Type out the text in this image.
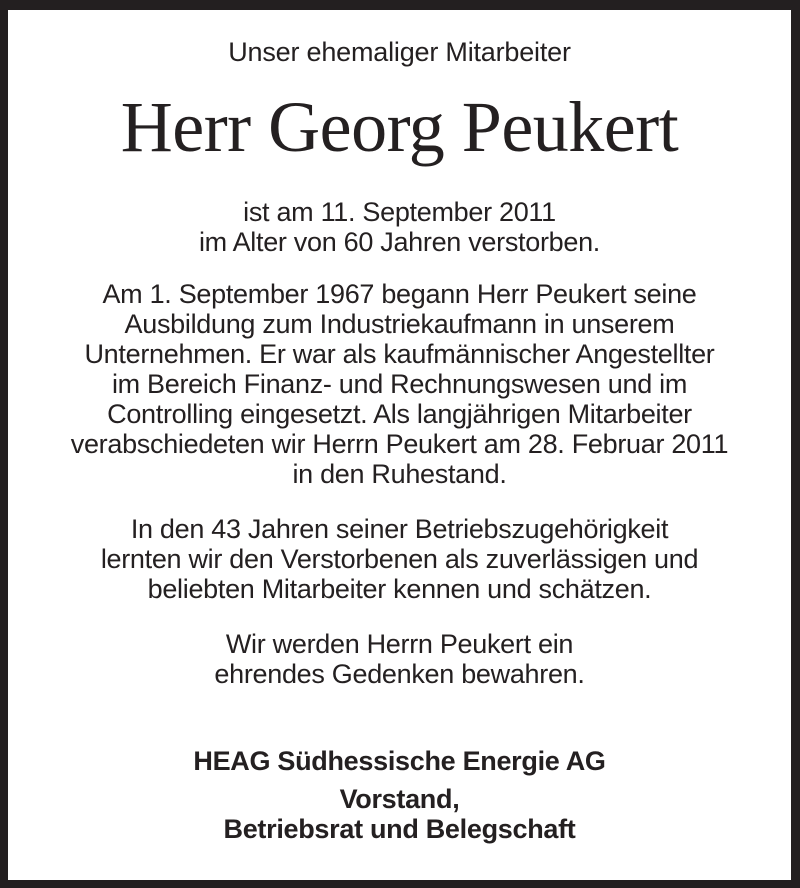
Unser ehemaliger Mitarbeiter
Herr Georg Peukert
ist am 11. September 2011
im Alter von 60 Jahren verstorben.
Am 1. September 1967 begann Herr Peukert seine
Ausbildung zum Industriekaufmann in unserem
Unternehmen. Er war als kaufmännischer Angestellter
im Bereich Finanz- und Rechnungswesen und im
Controlling eingesetzt. Als langjährigen Mitarbeiter
verabschiedeten wir Herrn Peukert am 28. Februar 2011
in den Ruhestand.
In den 43 Jahren seiner Betriebszugehörigkeit
lernten wir den Verstorbenen als zuverlässigen und
beliebten Mitarbeiter kennen und schätzen.
Wir werden Herrn Peukert ein
ehrendes Gedenken bewahren.
HEAG Südhessische Energie AG
Vorstand,
Betriebsrat und Belegschaft
